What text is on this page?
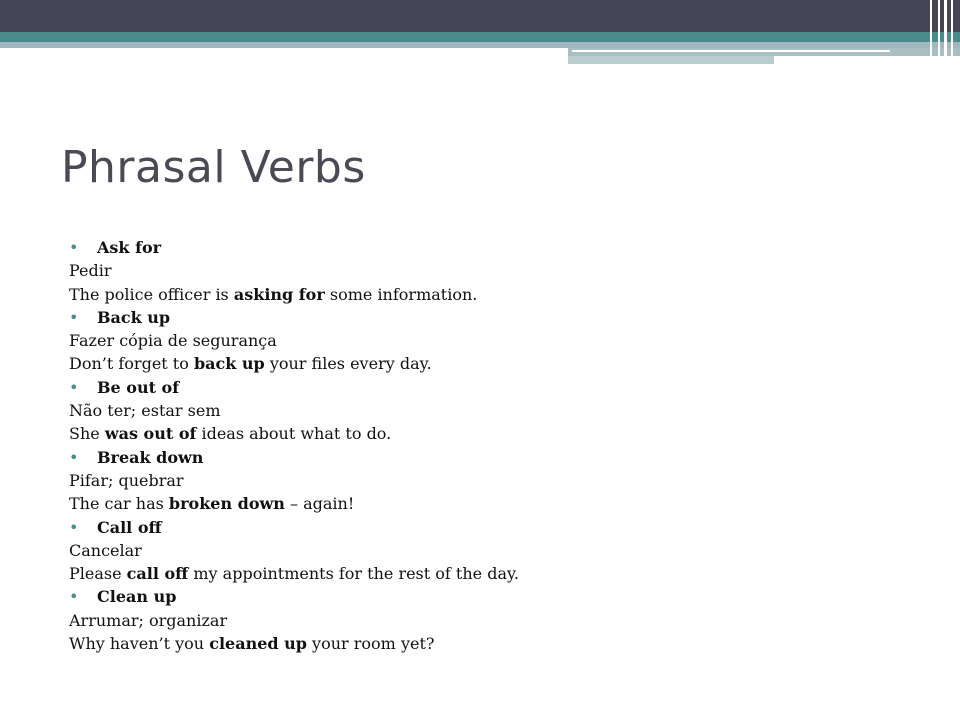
Phrasal Verbs
• Ask for
Pedir
The police officer is asking for some information.
• Back up
Fazer cópia de segurança
Don’t forget to back up your files every day.
• Be out of
Não ter; estar sem
She was out of ideas about what to do.
• Break down
Pifar; quebrar
The car has broken down – again!
• Call off
Cancelar
Please call off my appointments for the rest of the day.
• Clean up
Arrumar; organizar
Why haven’t you cleaned up your room yet?
